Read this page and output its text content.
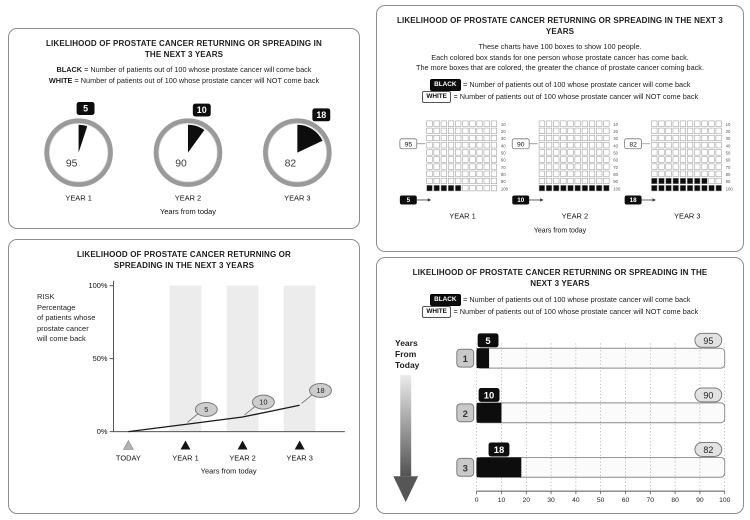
LIKELIHOOD OF PROSTATE CANCER RETURNING OR SPREADING IN
THE NEXT 3 YEARS
BLACK = Number of patients out of 100 whose prostate cancer will come back
WHITE = Number of patients out of 100 whose prostate cancer will NOT come back
5
95
YEAR 1
10
90
YEAR 2
18
82
YEAR 3
Years from today
LIKELIHOOD OF PROSTATE CANCER RETURNING OR SPREADING IN THE NEXT 3
YEARS
These charts have 100 boxes to show 100 people.
Each colored box stands for one person whose prostate cancer has come back.
The more boxes that are colored, the greater the chance of prostate cancer coming back.
BLACK = Number of patients out of 100 whose prostate cancer will come back
WHITE = Number of patients out of 100 whose prostate cancer will NOT come back
10
20
30
40
50
60
70
80
90
100
95
5
YEAR 1
10
20
30
40
50
60
70
80
90
100
90
10
YEAR 2
10
20
30
40
50
60
70
80
90
100
82
18
YEAR 3
Years from today
LIKELIHOOD OF PROSTATE CANCER RETURNING OR
SPREADING IN THE NEXT 3 YEARS
RISK
Percentage
of patients whose
prostate cancer
will come back
100%
50%
0%
5
10
18
TODAY	YEAR 1	YEAR 2	YEAR 3
Years from today
LIKELIHOOD OF PROSTATE CANCER RETURNING OR SPREADING IN THE
NEXT 3 YEARS
BLACK = Number of patients out of 100 whose prostate cancer will come back
WHITE = Number of patients out of 100 whose prostate cancer will NOT come back
Years
From
Today
1
5	95
2
10	90
3
18	82
0	10	20	30	40	50	60	70	80	90 100
